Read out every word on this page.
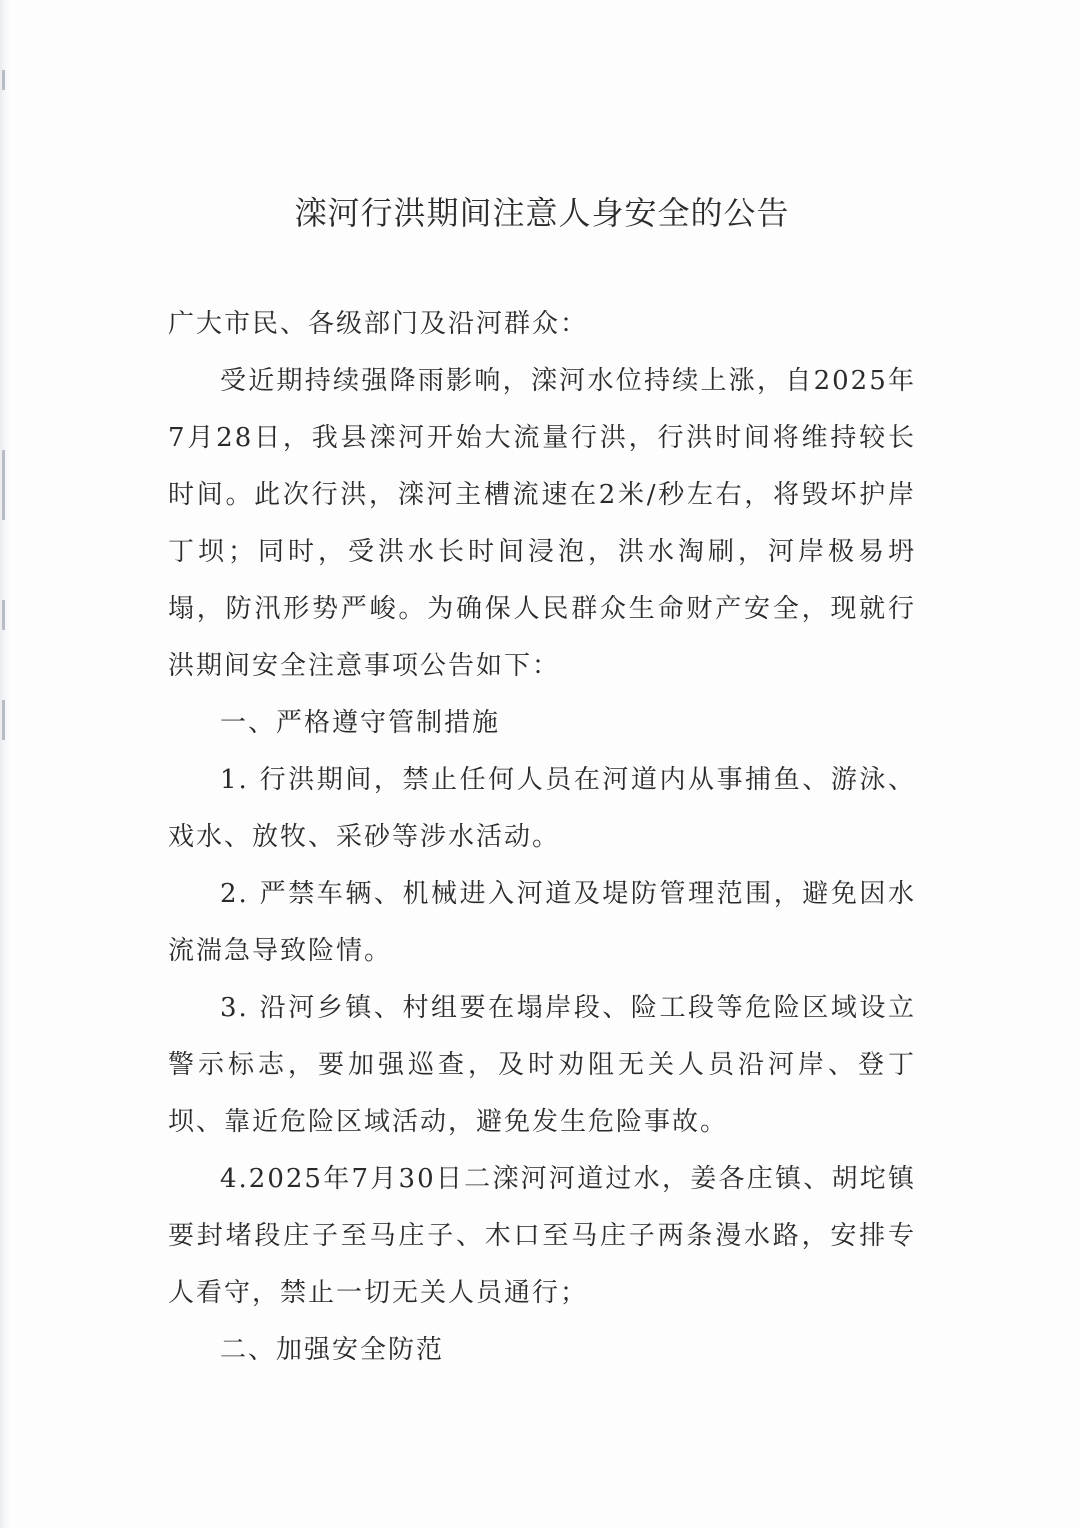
滦河行洪期间注意人身安全的公告

广大市民、各级部门及沿河群众：

受近期持续强降雨影响，滦河水位持续上涨，自2025年7月28日，我县滦河开始大流量行洪，行洪时间将维持较长时间。此次行洪，滦河主槽流速在2米/秒左右，将毁坏护岸丁坝；同时，受洪水长时间浸泡，洪水淘刷，河岸极易坍塌，防汛形势严峻。为确保人民群众生命财产安全，现就行洪期间安全注意事项公告如下：

一、严格遵守管制措施

1. 行洪期间，禁止任何人员在河道内从事捕鱼、游泳、戏水、放牧、采砂等涉水活动。

2. 严禁车辆、机械进入河道及堤防管理范围，避免因水流湍急导致险情。

3. 沿河乡镇、村组要在塌岸段、险工段等危险区域设立警示标志，要加强巡查，及时劝阻无关人员沿河岸、登丁坝、靠近危险区域活动，避免发生危险事故。

4.2025年7月30日二滦河河道过水，姜各庄镇、胡坨镇要封堵段庄子至马庄子、木口至马庄子两条漫水路，安排专人看守，禁止一切无关人员通行；

二、加强安全防范
